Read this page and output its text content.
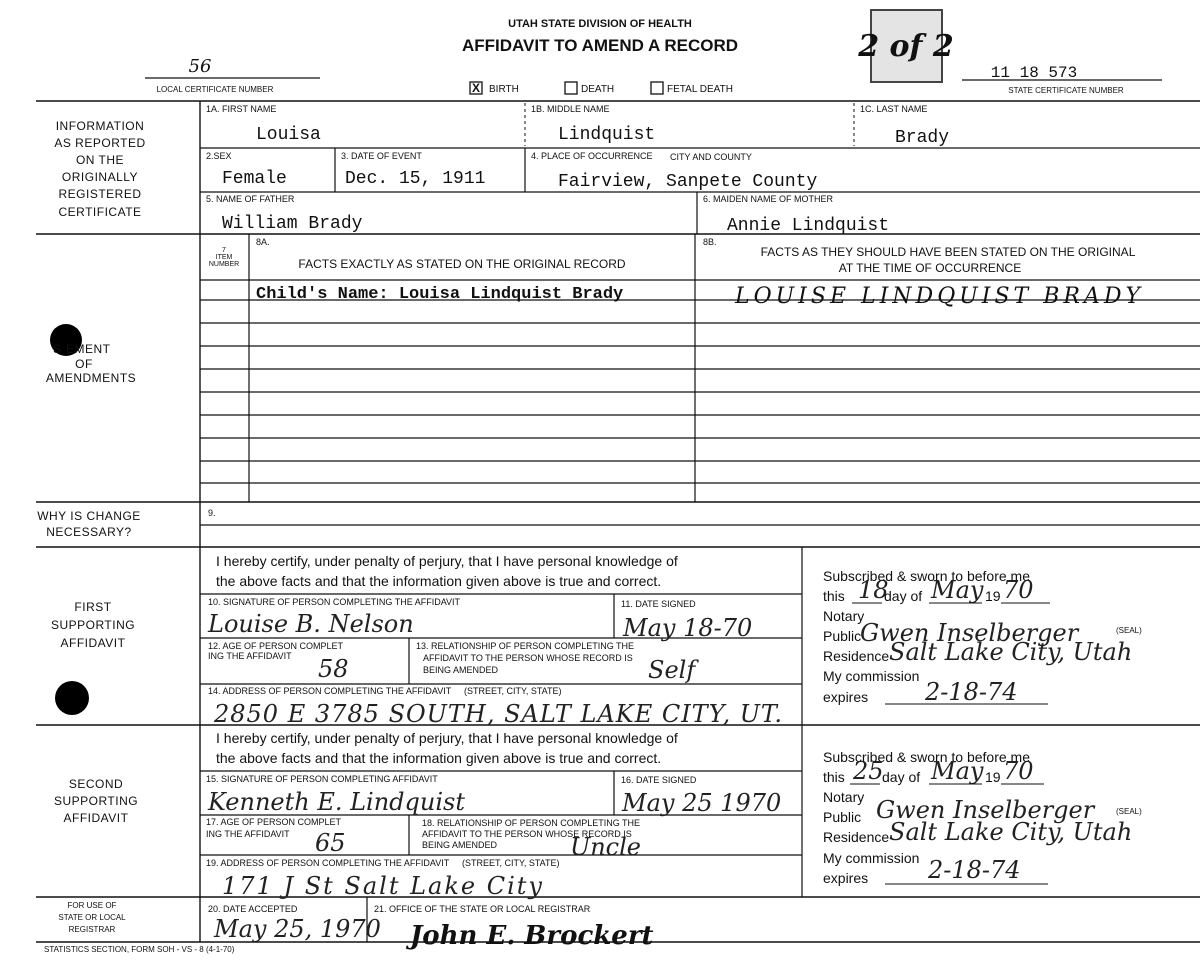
UTAH STATE DIVISION OF HEALTH
AFFIDAVIT TO AMEND A RECORD	2 of 2
56
LOCAL CERTIFICATE NUMBER	X BIRTH	DEATH	FETAL DEATH
11 18 573
STATE CERTIFICATE NUMBER
INFORMATION
AS REPORTED
ON THE
ORIGINALLY
REGISTERED
CERTIFICATE
S EMENT
OF
AMENDMENTS
WHY IS CHANGE
NECESSARY?
FIRST
SUPPORTING
AFFIDAVIT
SECOND
SUPPORTING
AFFIDAVIT
FOR USE OF
STATE OR LOCAL
REGISTRAR
1A. FIRST NAME
Louisa
1B. MIDDLE NAME
Lindquist
1C. LAST NAME
Brady
2.SEX
Female
3. DATE OF EVENT
Dec. 15, 1911
4. PLACE OF OCCURRENCE CITY AND COUNTY
Fairview, Sanpete County
5. NAME OF FATHER
William Brady
6. MAIDEN NAME OF MOTHER
Annie Lindquist
7
ITEM
NUMBER
8A.
FACTS EXACTLY AS STATED ON THE ORIGINAL RECORD
8B.
FACTS AS THEY SHOULD HAVE BEEN STATED ON THE ORIGINAL
AT THE TIME OF OCCURRENCE
Child's Name: Louisa Lindquist Brady	LOUISE LINDQUIST BRADY
9.
I hereby certify, under penalty of perjury, that I have personal knowledge of
the above facts and that the information given above is true and correct.
10. SIGNATURE OF PERSON COMPLETING THE AFFIDAVIT
Louise B. Nelson
11. DATE SIGNED
May 18-70
12. AGE OF PERSON COMPLET
ING THE AFFIDAVIT 58
13. RELATIONSHIP OF PERSON COMPLETING THE
AFFIDAVIT TO THE PERSON WHOSE RECORD IS
BEING AMENDED	Self
14. ADDRESS OF PERSON COMPLETING THE AFFIDAVIT (STREET, CITY, STATE)
2850 E 3785 SOUTH, SALT LAKE CITY, UT.
Subscribed & sworn to before me
this 18
day of May 19 70
Notary
Public
Gwen Inselberger	(SEAL)
Residence Salt Lake City, Utah
My commission
expires 2-18-74
I hereby certify, under penalty of perjury, that I have personal knowledge of
the above facts and that the information given above is true and correct.
15. SIGNATURE OF PERSON COMPLETING AFFIDAVIT
Kenneth E. Lindquist
16. DATE SIGNED
May 25 1970
17. AGE OF PERSON COMPLET
ING THE AFFIDAVIT 65
18. RELATIONSHIP OF PERSON COMPLETING THE
AFFIDAVIT TO THE PERSON WHOSE RECORD IS
BEING AMENDED	Uncle
19. ADDRESS OF PERSON COMPLETING THE AFFIDAVIT (STREET, CITY, STATE)
171 J St Salt Lake City
Subscribed & sworn to before me
this 25
day of May 19 70
Notary
Public Gwen Inselberger	(SEAL)
Residence Salt Lake City, Utah
My commission
expires 2-18-74
20. DATE ACCEPTED
May 25, 1970
21. OFFICE OF THE STATE OR LOCAL REGISTRAR
John E. Brockert
STATISTICS SECTION, FORM SOH - VS - 8 (4-1-70)
